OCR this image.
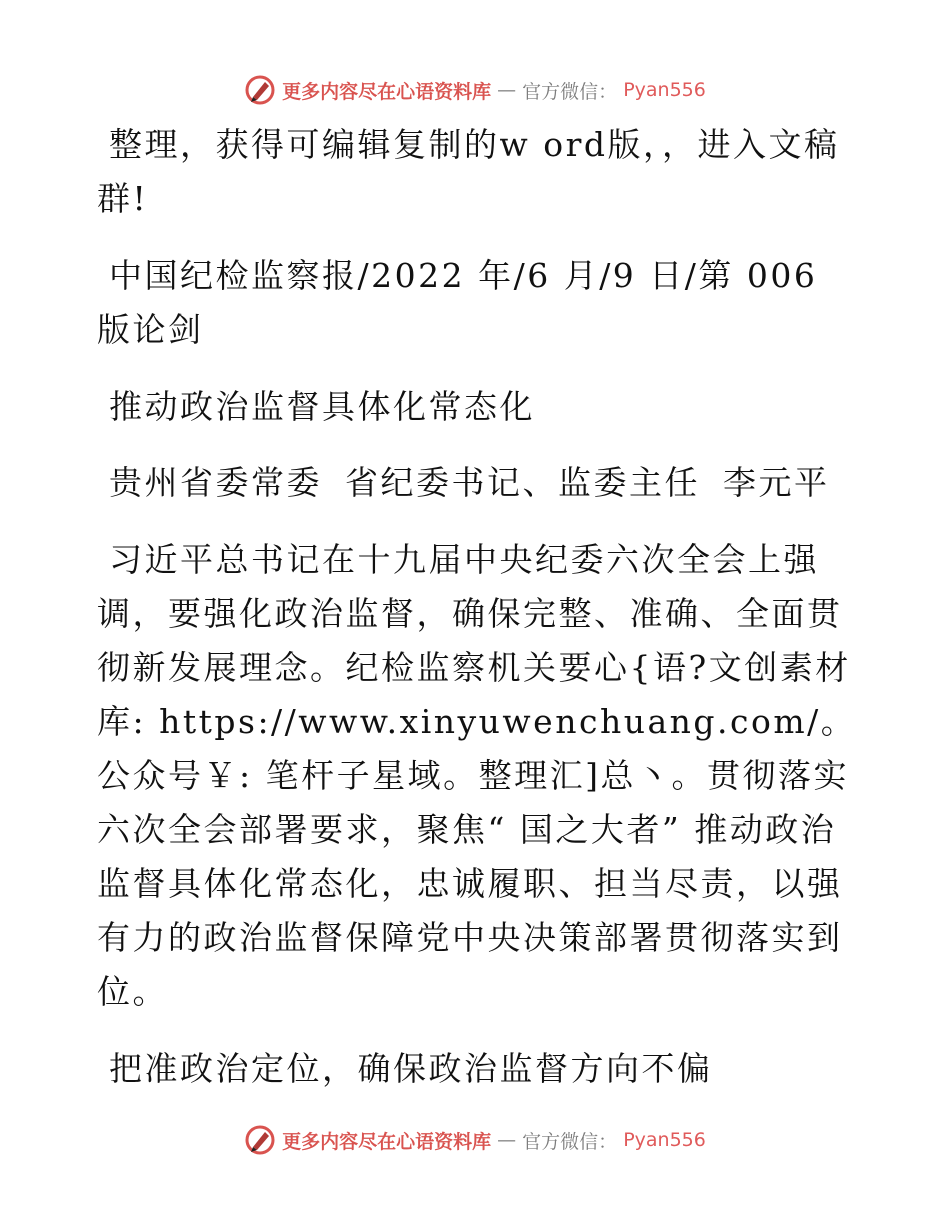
更多内容尽在心语资料库 — 官方微信： Pyan556

整理，获得可编辑复制的w ord版，，进入文稿群!

中国纪检监察报/2022 年/6 月/9 日/第 006 版论剑

推动政治监督具体化常态化

贵州省委常委 省纪委书记、监委主任 李元平

习近平总书记在十九届中央纪委六次全会上强调，要强化政治监督，确保完整、准确、全面贯彻新发展理念。纪检监察机关要心{语?文创素材库: https://www.xinyuwenchuang.com/。公众号￥: 笔杆子星域。整理汇]总丶。贯彻落实六次全会部署要求，聚焦“ 国之大者” 推动政治监督具体化常态化，忠诚履职、担当尽责，以强有力的政治监督保障党中央决策部署贯彻落实到位。

把准政治定位，确保政治监督方向不偏

更多内容尽在心语资料库 — 官方微信： Pyan556
